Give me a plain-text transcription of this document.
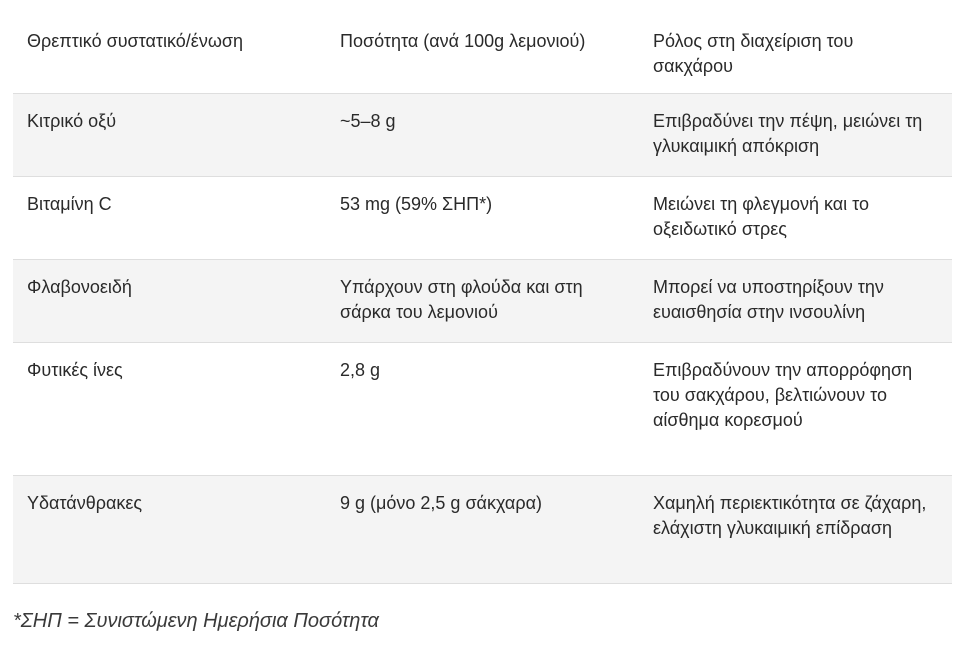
Θρεπτικό συστατικό/ένωση	Ποσότητα (ανά 100g λεμονιού)	Ρόλος στη διαχείριση του σακχάρου
Κιτρικό οξύ	~5–8 g	Επιβραδύνει την πέψη, μειώνει τη γλυκαιμική απόκριση
Βιταμίνη C	53 mg (59% ΣΗΠ*)	Μειώνει τη φλεγμονή και το οξειδωτικό στρες
Φλαβονοειδή	Υπάρχουν στη φλούδα και στη σάρκα του λεμονιού	Μπορεί να υποστηρίξουν την ευαισθησία στην ινσουλίνη
Φυτικές ίνες	2,8 g	Επιβραδύνουν την απορρόφηση του σακχάρου, βελτιώνουν το αίσθημα κορεσμού
Υδατάνθρακες	9 g (μόνο 2,5 g σάκχαρα)	Χαμηλή περιεκτικότητα σε ζάχαρη, ελάχιστη γλυκαιμική επίδραση
*ΣΗΠ = Συνιστώμενη Ημερήσια Ποσότητα
